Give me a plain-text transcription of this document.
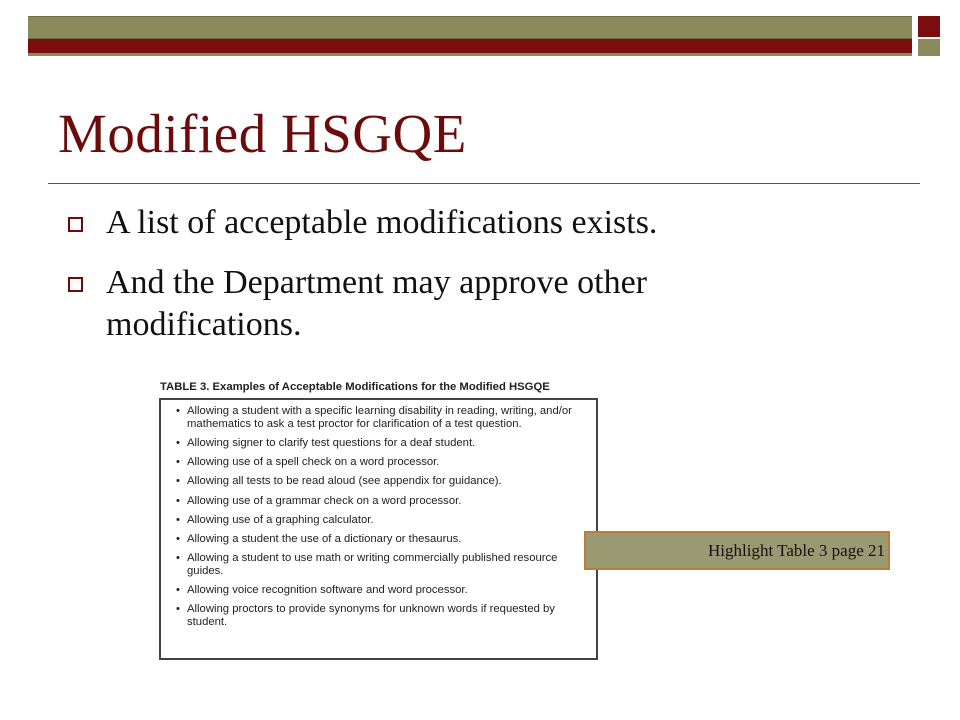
Modified HSGQE
A list of acceptable modifications exists.
And the Department may approve other modifications.
TABLE 3. Examples of Acceptable Modifications for the Modified HSGQE
• Allowing a student with a specific learning disability in reading, writing, and/or mathematics to ask a test proctor for clarification of a test question.
• Allowing signer to clarify test questions for a deaf student.
• Allowing use of a spell check on a word processor.
• Allowing all tests to be read aloud (see appendix for guidance).
• Allowing use of a grammar check on a word processor.
• Allowing use of a graphing calculator.
• Allowing a student the use of a dictionary or thesaurus.
• Allowing a student to use math or writing commercially published resource guides.
• Allowing voice recognition software and word processor.
• Allowing proctors to provide synonyms for unknown words if requested by student.
Highlight Table 3 page 21
